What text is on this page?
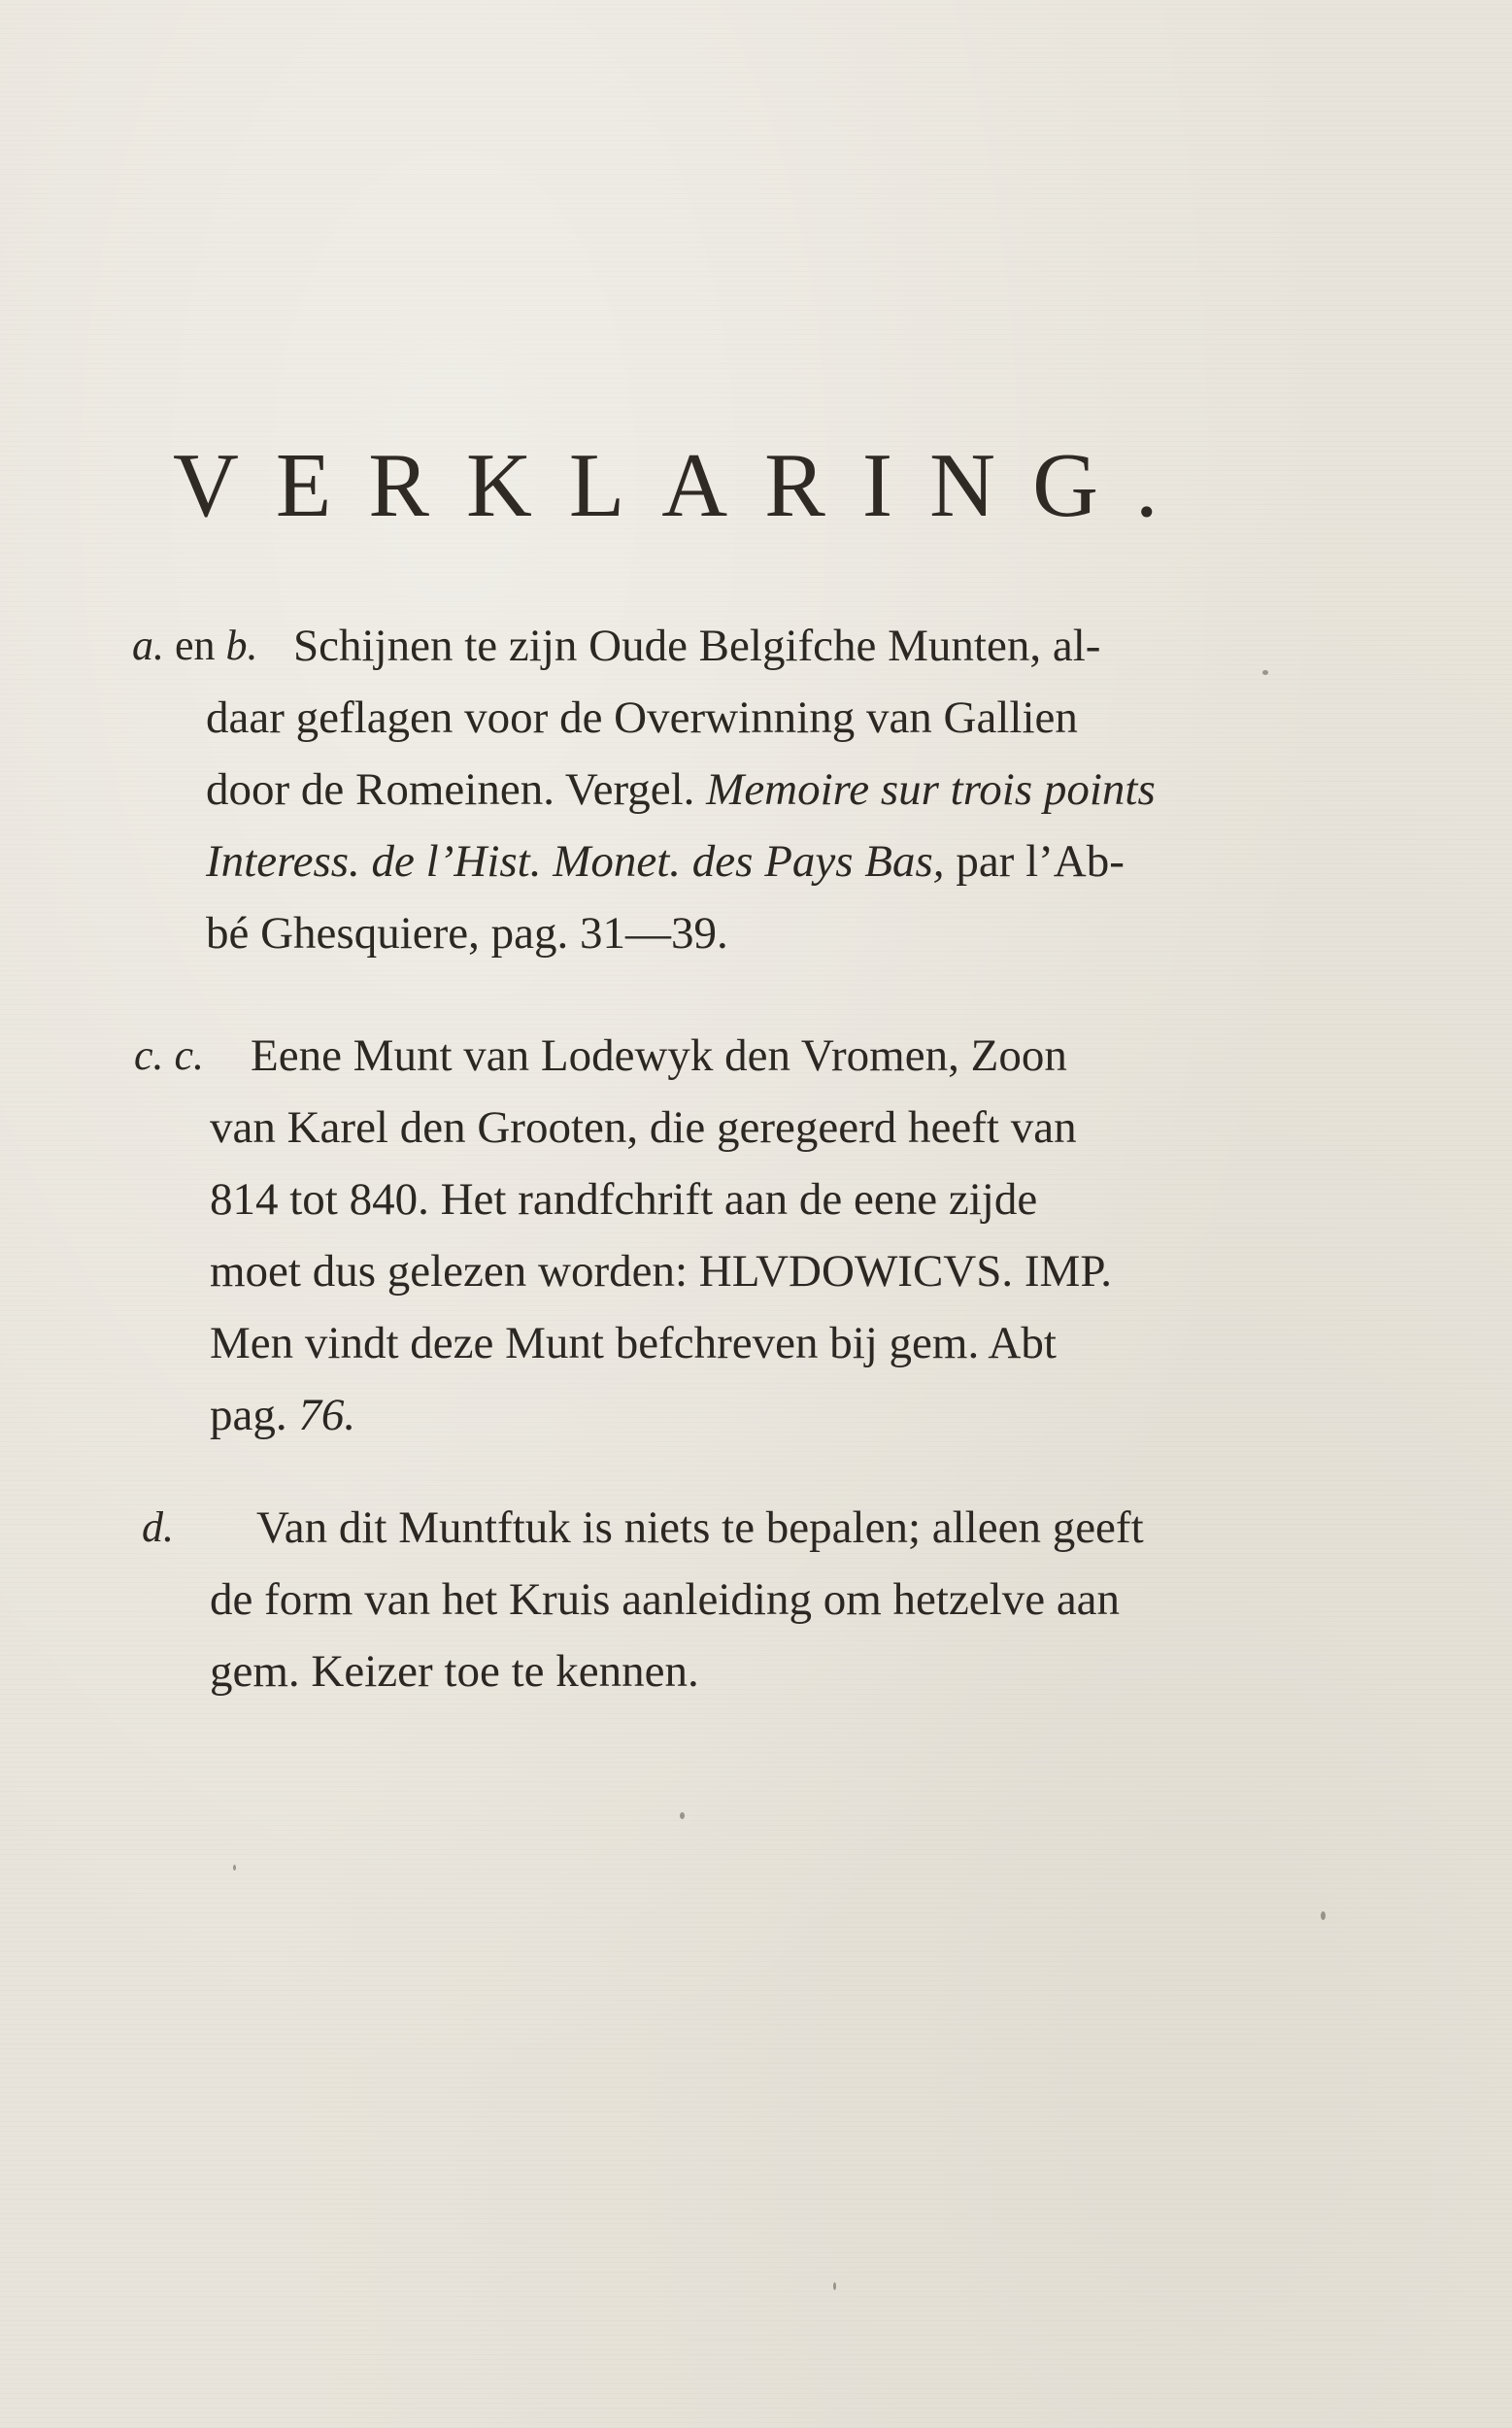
VERKLARING.
a. en b. Schijnen te zijn Oude Belgifche Munten, al-
daar geflagen voor de Overwinning van Gallien
door de Romeinen. Vergel. Memoire sur trois points
Interess. de l’Hist. Monet. des Pays Bas, par l’Ab-
bé Ghesquiere, pag. 31—39.
c. c. Eene Munt van Lodewyk den Vromen, Zoon
van Karel den Grooten, die geregeerd heeft van
814 tot 840. Het randfchrift aan de eene zijde
moet dus gelezen worden: HLVDOWICVS. IMP.
Men vindt deze Munt befchreven bij gem. Abt
pag. 76.
d. Van dit Muntftuk is niets te bepalen; alleen geeft
de form van het Kruis aanleiding om hetzelve aan
gem. Keizer toe te kennen.
